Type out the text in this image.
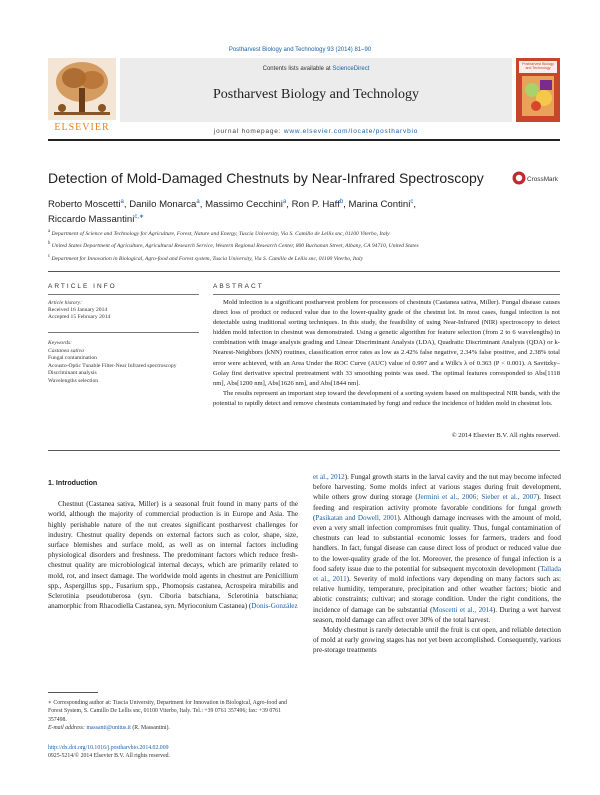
Postharvest Biology and Technology 93 (2014) 81–90
Contents lists available at ScienceDirect
Postharvest Biology and Technology
journal homepage: www.elsevier.com/locate/postharvbio
ELSEVIER
Postharvest Biology and Technology
Detection of Mold-Damaged Chestnuts by Near-Infrared Spectroscopy	CrossMark
Roberto Moscetti$^a$, Danilo Monarca$^a$, Massimo Cecchini$^a$, Ron P. Haff$^b$, Marina Contini$^c$,
Riccardo Massantini$^{c,∗}$
$^a$ Department of Science and Technology for Agriculture, Forest, Nature and Energy, Tuscia University, Via S. Camillo de Lellis snc, 01100 Viterbo, Italy
$^b$ United States Department of Agriculture, Agricultural Research Service, Western Regional Research Center, 800 Buchanan Street, Albany, CA 94710, United States
$^c$ Department for Innovation in Biological, Agro-food and Forest system, Tuscia University, Via S. Camillo de Lellis snc, 01100 Viterbo, Italy
ARTICLE INFO	ABSTRACT
Article history:
Received 16 January 2014
Accepted 15 February 2014
Keywords:
Castanea sativa
Fungal contamination
Acousto-Optic Tunable Filter-Near Infrared spectroscopy
Discriminant analysis
Wavelengths selection

Mold infection is a significant postharvest problem for processors of chestnuts (Castanea sativa, Miller). Fungal disease causes direct loss of product or reduced value due to the lower-quality grade of the chestnut lot. In most cases, fungal infection is not detectable using traditional sorting techniques. In this study, the feasibility of using Near-Infrared (NIR) spectroscopy to detect hidden mold infection in chestnut was demonstrated. Using a genetic algorithm for feature selection (from 2 to 6 wavelengths) in combination with image analysis grading and Linear Discriminant Analysis (LDA), Quadratic Discriminant Analysis (QDA) or k-Nearest-Neighbors (kNN) routines, classification error rates as low as 2.42% false negative, 2.34% false positive, and 2.38% total error were achieved, with an Area Under the ROC Curve (AUC) value of 0.997 and a Wilk's λ of 0.363 (P < 0.001). A Savitzky–Golay first derivative spectral pretreatment with 33 smoothing points was used. The optimal features corresponded to Abs[1118 nm], Abs[1200 nm], Abs[1626 nm], and Abs[1844 nm].

The results represent an important step toward the development of a sorting system based on multispectral NIR bands, with the potential to rapidly detect and remove chestnuts contaminated by fungi and reduce the incidence of hidden mold in chestnut lots.

© 2014 Elsevier B.V. All rights reserved.

1. Introduction

Chestnut (Castanea sativa, Miller) is a seasonal fruit found in many parts of the world, although the majority of commercial production is in Europe and Asia. The highly perishable nature of the nut creates significant postharvest challenges for industry. Chestnut quality depends on external factors such as color, shape, size, surface blemishes and surface mold, as well as on internal factors including physiological disorders and freshness. The predominant factors which reduce fresh-chestnut quality are microbiological internal decays, which are primarily related to mold, rot, and insect damage. The worldwide mold agents in chestnut are Penicillium spp., Aspergillus spp., Fusarium spp., Phomopsis castanea, Acrospeira mirabilis and Sclerotinia pseudotuberosa (syn. Ciboria batschiana, Sclerotinia batschiana; anamorphic from Rhacodiella Castanea, syn. Myrioconium Castanea) (Donis-González

et al., 2012). Fungal growth starts in the larval cavity and the nut may become infected before harvesting. Some molds infect at various stages during fruit development, while others grow during storage (Jermini et al., 2006; Sieber et al., 2007). Insect feeding and respiration activity promote favorable conditions for fungal growth (Pasikatan and Dowell, 2001). Although damage increases with the amount of mold, even a very small infection compromises fruit quality. Thus, fungal contamination of chestnuts can lead to substantial economic losses for farmers, traders and food handlers. In fact, fungal disease can cause direct loss of product or reduced value due to the lower-quality grade of the lot. Moreover, the presence of fungal infection is a food safety issue due to the potential for subsequent mycotoxin development (Tallada et al., 2011). Severity of mold infections vary depending on many factors such as: relative humidity, temperature, precipitation and other weather factors; biotic and abiotic constraints; cultivar; and storage condition. Under the right conditions, the incidence of damage can be substantial (Moscetti et al., 2014). During a wet harvest season, mold damage can affect over 30% of the total harvest.

Moldy chestnut is rarely detectable until the fruit is cut open, and reliable detection of mold at early growing stages has not yet been accomplished. Consequently, various pre-storage treatments

∗ Corresponding author at: Tuscia University, Department for Innovation in Biological, Agro-food and Forest System, S. Camillo De Lellis snc, 01100 Viterbo, Italy. Tel.: +39 0761 357496; fax: +39 0761 357498.
E-mail address: massanti@unitus.it (R. Massantini).
http://dx.doi.org/10.1016/j.postharvbio.2014.02.009
0925-5214/© 2014 Elsevier B.V. All rights reserved.
